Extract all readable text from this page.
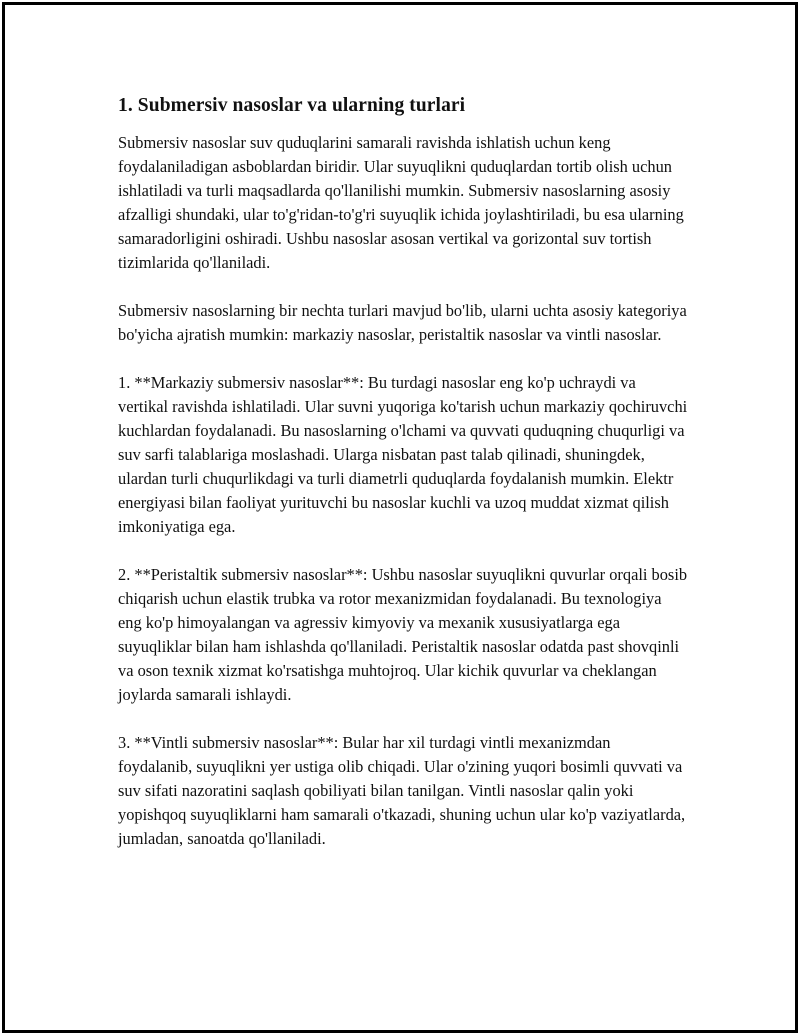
1. Submersiv nasoslar va ularning turlari

Submersiv nasoslar suv quduqlarini samarali ravishda ishlatish uchun keng foydalaniladigan asboblardan biridir. Ular suyuqlikni quduqlardan tortib olish uchun ishlatiladi va turli maqsadlarda qo'llanilishi mumkin. Submersiv nasoslarning asosiy afzalligi shundaki, ular to'g'ridan-to'g'ri suyuqlik ichida joylashtiriladi, bu esa ularning samaradorligini oshiradi. Ushbu nasoslar asosan vertikal va gorizontal suv tortish tizimlarida qo'llaniladi.

Submersiv nasoslarning bir nechta turlari mavjud bo'lib, ularni uchta asosiy kategoriya bo'yicha ajratish mumkin: markaziy nasoslar, peristaltik nasoslar va vintli nasoslar.

1. **Markaziy submersiv nasoslar**: Bu turdagi nasoslar eng ko'p uchraydi va vertikal ravishda ishlatiladi. Ular suvni yuqoriga ko'tarish uchun markaziy qochiruvchi kuchlardan foydalanadi. Bu nasoslarning o'lchami va quvvati quduqning chuqurligi va suv sarfi talablariga moslashadi. Ularga nisbatan past talab qilinadi, shuningdek, ulardan turli chuqurlikdagi va turli diametrli quduqlarda foydalanish mumkin. Elektr energiyasi bilan faoliyat yurituvchi bu nasoslar kuchli va uzoq muddat xizmat qilish imkoniyatiga ega.

2. **Peristaltik submersiv nasoslar**: Ushbu nasoslar suyuqlikni quvurlar orqali bosib chiqarish uchun elastik trubka va rotor mexanizmidan foydalanadi. Bu texnologiya eng ko'p himoyalangan va agressiv kimyoviy va mexanik xususiyatlarga ega suyuqliklar bilan ham ishlashda qo'llaniladi. Peristaltik nasoslar odatda past shovqinli va oson texnik xizmat ko'rsatishga muhtojroq. Ular kichik quvurlar va cheklangan joylarda samarali ishlaydi.

3. **Vintli submersiv nasoslar**: Bular har xil turdagi vintli mexanizmdan foydalanib, suyuqlikni yer ustiga olib chiqadi. Ular o'zining yuqori bosimli quvvati va suv sifati nazoratini saqlash qobiliyati bilan tanilgan. Vintli nasoslar qalin yoki yopishqoq suyuqliklarni ham samarali o'tkazadi, shuning uchun ular ko'p vaziyatlarda, jumladan, sanoatda qo'llaniladi.
